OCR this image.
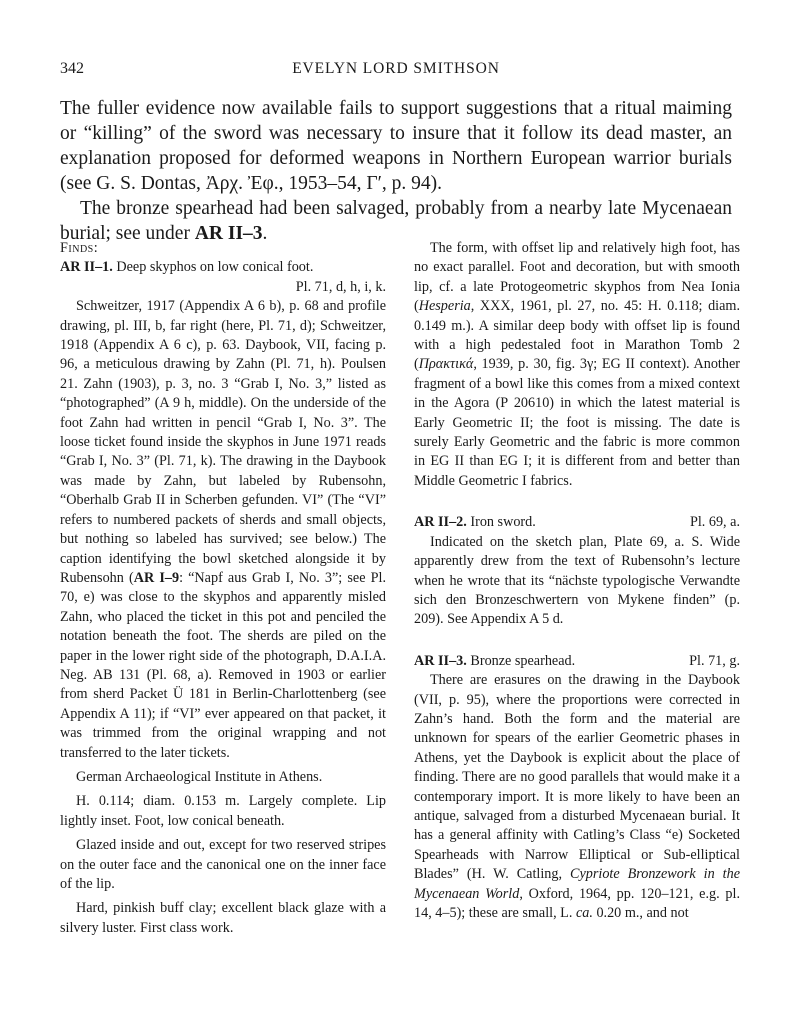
342	EVELYN LORD SMITHSON

The fuller evidence now available fails to support suggestions that a ritual maiming or “killing” of the sword was necessary to insure that it follow its dead master, an explanation proposed for deformed weapons in Northern European warrior burials (see G. S. Dontas, Ἀρχ. Ἐφ., 1953–54, Γ′, p. 94).

The bronze spearhead had been salvaged, probably from a nearby late Mycenaean burial; see under AR II–3.

Finds:

AR II–1. Deep skyphos on low conical foot.

Pl. 71, d, h, i, k.

Schweitzer, 1917 (Appendix A 6 b), p. 68 and profile drawing, pl. III, b, far right (here, Pl. 71, d); Schweitzer, 1918 (Appendix A 6 c), p. 63. Daybook, VII, facing p. 96, a meticulous drawing by Zahn (Pl. 71, h). Poulsen 21. Zahn (1903), p. 3, no. 3 “Grab I, No. 3,” listed as “photographed” (A 9 h, middle). On the underside of the foot Zahn had written in pencil “Grab I, No. 3”. The loose ticket found inside the skyphos in June 1971 reads “Grab I, No. 3” (Pl. 71, k). The drawing in the Daybook was made by Zahn, but labeled by Rubensohn, “Oberhalb Grab II in Scherben gefunden. VI” (The “VI” refers to numbered packets of sherds and small objects, but nothing so labeled has survived; see below.) The caption identifying the bowl sketched alongside it by Rubensohn (AR I–9: “Napf aus Grab I, No. 3”; see Pl. 70, e) was close to the skyphos and apparently misled Zahn, who placed the ticket in this pot and penciled the notation beneath the foot. The sherds are piled on the paper in the lower right side of the photograph, D.A.I.A. Neg. AB 131 (Pl. 68, a). Removed in 1903 or earlier from sherd Packet Ü 181 in Berlin-Charlottenberg (see Appendix A 11); if “VI” ever appeared on that packet, it was trimmed from the original wrapping and not transferred to the later tickets.

German Archaeological Institute in Athens.

H. 0.114; diam. 0.153 m. Largely complete. Lip lightly inset. Foot, low conical beneath.

Glazed inside and out, except for two reserved stripes on the outer face and the canonical one on the inner face of the lip.

Hard, pinkish buff clay; excellent black glaze with a silvery luster. First class work.

The form, with offset lip and relatively high foot, has no exact parallel. Foot and decoration, but with smooth lip, cf. a late Protogeometric skyphos from Nea Ionia (Hesperia, XXX, 1961, pl. 27, no. 45: H. 0.118; diam. 0.149 m.). A similar deep body with offset lip is found with a high pedestaled foot in Marathon Tomb 2 (Πρακτικά, 1939, p. 30, fig. 3γ; EG II context). Another fragment of a bowl like this comes from a mixed context in the Agora (P 20610) in which the latest material is Early Geometric II; the foot is missing. The date is surely Early Geometric and the fabric is more common in EG II than EG I; it is different from and better than Middle Geometric I fabrics.

Pl. 69, a.
AR II–2. Iron sword.

Indicated on the sketch plan, Plate 69, a. S. Wide apparently drew from the text of Rubensohn’s lecture when he wrote that its “nächste typologische Verwandte sich den Bronzeschwertern von Mykene finden” (p. 209). See Appendix A 5 d.

Pl. 71, g.
AR II–3. Bronze spearhead.

There are erasures on the drawing in the Daybook (VII, p. 95), where the proportions were corrected in Zahn’s hand. Both the form and the material are unknown for spears of the earlier Geometric phases in Athens, yet the Daybook is explicit about the place of finding. There are no good parallels that would make it a contemporary import. It is more likely to have been an antique, salvaged from a disturbed Mycenaean burial. It has a general affinity with Catling’s Class “e) Socketed Spearheads with Narrow Elliptical or Sub-elliptical Blades” (H. W. Catling, Cypriote Bronzework in the Mycenaean World, Oxford, 1964, pp. 120–121, e.g. pl. 14, 4–5); these are small, L. ca. 0.20 m., and not
